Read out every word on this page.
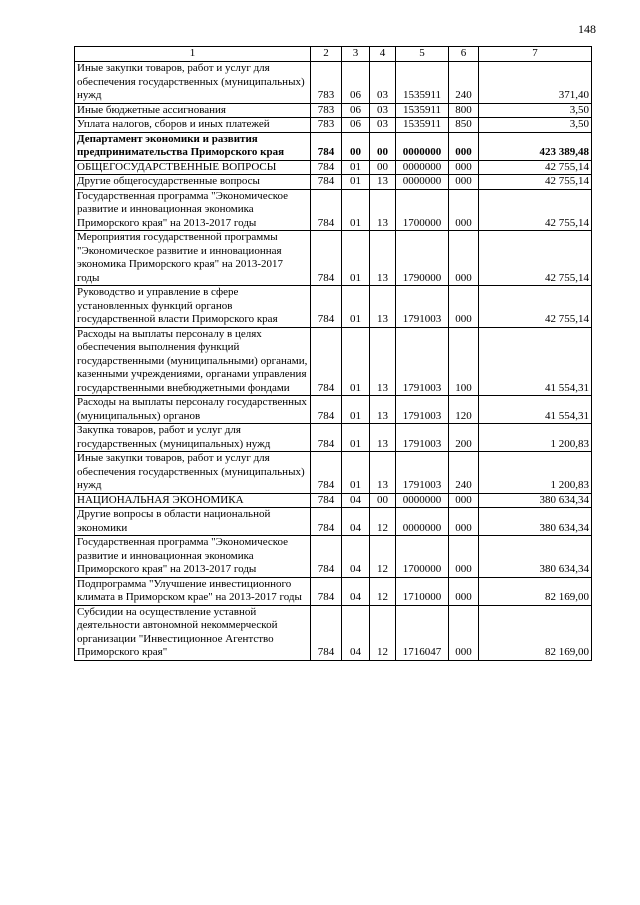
148
1	2	3	4	5	6	7
Иные закупки товаров, работ и услуг для обеспечения государственных (муниципальных) нужд	783	06	03	1535911	240	371,40
Иные бюджетные ассигнования	783	06	03	1535911	800	3,50
Уплата налогов, сборов и иных платежей	783	06	03	1535911	850	3,50
Департамент экономики и развития предпринимательства Приморского края	784	00	00	0000000	000	423 389,48
ОБЩЕГОСУДАРСТВЕННЫЕ ВОПРОСЫ	784	01	00	0000000	000	42 755,14
Другие общегосударственные вопросы	784	01	13	0000000	000	42 755,14
Государственная программа "Экономическое развитие и инновационная экономика Приморского края" на 2013-2017 годы	784	01	13	1700000	000	42 755,14
Мероприятия государственной программы "Экономическое развитие и инновационная экономика Приморского края" на 2013-2017 годы	784	01	13	1790000	000	42 755,14
Руководство и управление в сфере установленных функций органов государственной власти Приморского края	784	01	13	1791003	000	42 755,14
Расходы на выплаты персоналу в целях обеспечения выполнения функций государственными (муниципальными) органами, казенными учреждениями, органами управления государственными внебюджетными фондами	784	01	13	1791003	100	41 554,31
Расходы на выплаты персоналу государственных (муниципальных) органов	784	01	13	1791003	120	41 554,31
Закупка товаров, работ и услуг для государственных (муниципальных) нужд	784	01	13	1791003	200	1 200,83
Иные закупки товаров, работ и услуг для обеспечения государственных (муниципальных) нужд	784	01	13	1791003	240	1 200,83
НАЦИОНАЛЬНАЯ ЭКОНОМИКА	784	04	00	0000000	000	380 634,34
Другие вопросы в области национальной экономики	784	04	12	0000000	000	380 634,34
Государственная программа "Экономическое развитие и инновационная экономика Приморского края" на 2013-2017 годы	784	04	12	1700000	000	380 634,34
Подпрограмма "Улучшение инвестиционного климата в Приморском крае" на 2013-2017 годы	784	04	12	1710000	000	82 169,00
Субсидии на осуществление уставной деятельности автономной некоммерческой организации "Инвестиционное Агентство Приморского края"	784	04	12	1716047	000	82 169,00
